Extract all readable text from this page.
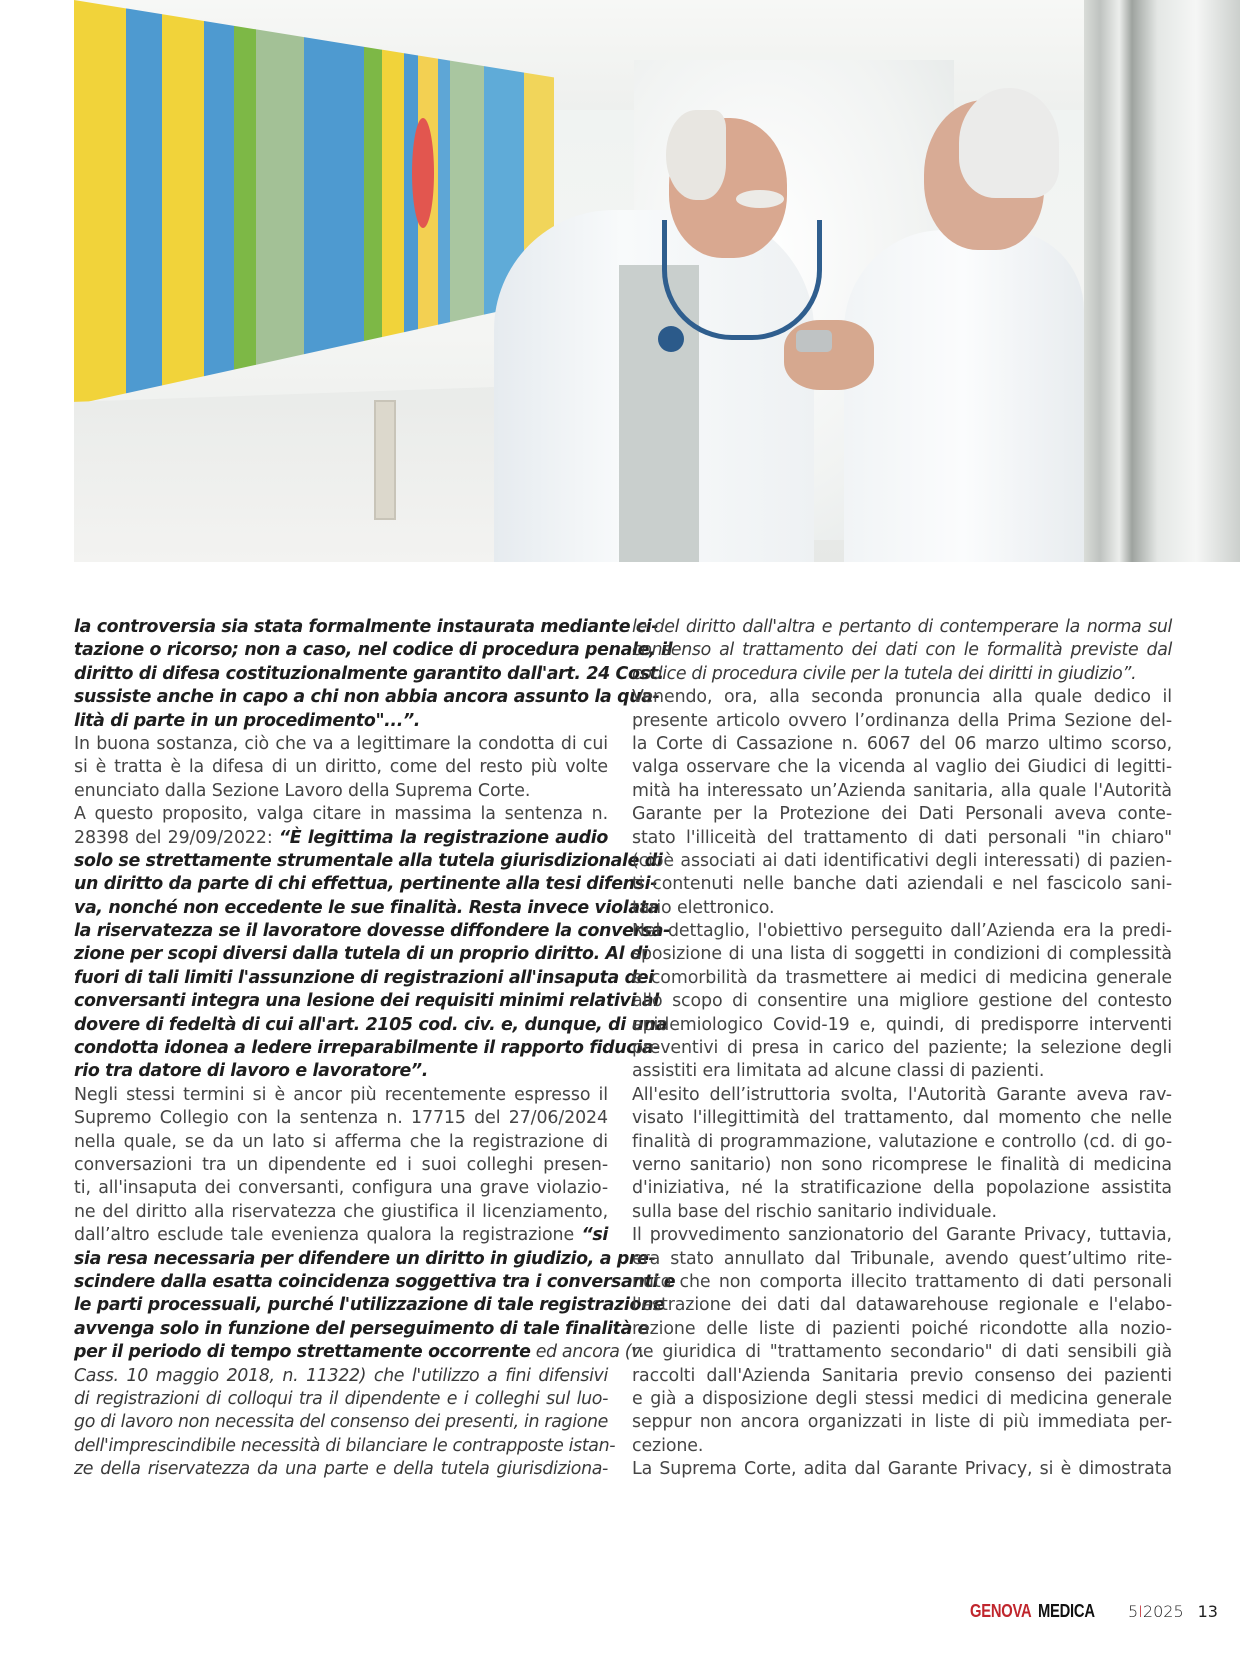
la controversia sia stata formalmente instaurata mediante ci-
tazione o ricorso; non a caso, nel codice di procedura penale, il
diritto di difesa costituzionalmente garantito dall'art. 24 Cost.
sussiste anche in capo a chi non abbia ancora assunto la qua-
lità di parte in un procedimento"...”.
In buona sostanza, ciò che va a legittimare la condotta di cui
si è tratta è la difesa di un diritto, come del resto più volte
enunciato dalla Sezione Lavoro della Suprema Corte.
A questo proposito, valga citare in massima la sentenza n.
28398 del 29/09/2022: “È legittima la registrazione audio
solo se strettamente strumentale alla tutela giurisdizionale di
un diritto da parte di chi effettua, pertinente alla tesi difensi-
va, nonché non eccedente le sue finalità. Resta invece violata
la riservatezza se il lavoratore dovesse diffondere la conversa-
zione per scopi diversi dalla tutela di un proprio diritto. Al di
fuori di tali limiti l'assunzione di registrazioni all'insaputa dei
conversanti integra una lesione dei requisiti minimi relativi al
dovere di fedeltà di cui all'art. 2105 cod. civ. e, dunque, di una
condotta idonea a ledere irreparabilmente il rapporto fiducia-
rio tra datore di lavoro e lavoratore”.
Negli stessi termini si è ancor più recentemente espresso il
Supremo Collegio con la sentenza n. 17715 del 27/06/2024
nella quale, se da un lato si afferma che la registrazione di
conversazioni tra un dipendente ed i suoi colleghi presen-
ti, all'insaputa dei conversanti, configura una grave violazio-
ne del diritto alla riservatezza che giustifica il licenziamento,
dall’altro esclude tale evenienza qualora la registrazione “si
sia resa necessaria per difendere un diritto in giudizio, a pre-
scindere dalla esatta coincidenza soggettiva tra i conversanti e
le parti processuali, purché l'utilizzazione di tale registrazione
avvenga solo in funzione del perseguimento di tale finalità e
per il periodo di tempo strettamente occorrente ed ancora (v.
Cass. 10 maggio 2018, n. 11322) che l'utilizzo a fini difensivi
di registrazioni di colloqui tra il dipendente e i colleghi sul luo-
go di lavoro non necessita del consenso dei presenti, in ragione
dell'imprescindibile necessità di bilanciare le contrapposte istan-
ze della riservatezza da una parte e della tutela giurisdiziona-
le del diritto dall'altra e pertanto di contemperare la norma sul
consenso al trattamento dei dati con le formalità previste dal
codice di procedura civile per la tutela dei diritti in giudizio”.
Venendo, ora, alla seconda pronuncia alla quale dedico il
presente articolo ovvero l’ordinanza della Prima Sezione del-
la Corte di Cassazione n. 6067 del 06 marzo ultimo scorso,
valga osservare che la vicenda al vaglio dei Giudici di legitti-
mità ha interessato un’Azienda sanitaria, alla quale l'Autorità
Garante per la Protezione dei Dati Personali aveva conte-
stato l'illiceità del trattamento di dati personali "in chiaro"
(cioè associati ai dati identificativi degli interessati) di pazien-
ti contenuti nelle banche dati aziendali e nel fascicolo sani-
tario elettronico.
Nel dettaglio, l'obiettivo perseguito dall’Azienda era la predi-
sposizione di una lista di soggetti in condizioni di complessità
e comorbilità da trasmettere ai medici di medicina generale
allo scopo di consentire una migliore gestione del contesto
epidemiologico Covid-19 e, quindi, di predisporre interventi
preventivi di presa in carico del paziente; la selezione degli
assistiti era limitata ad alcune classi di pazienti.
All'esito dell’istruttoria svolta, l'Autorità Garante aveva rav-
visato l'illegittimità del trattamento, dal momento che nelle
finalità di programmazione, valutazione e controllo (cd. di go-
verno sanitario) non sono ricomprese le finalità di medicina
d'iniziativa, né la stratificazione della popolazione assistita
sulla base del rischio sanitario individuale.
Il provvedimento sanzionatorio del Garante Privacy, tuttavia,
era stato annullato dal Tribunale, avendo quest’ultimo rite-
nuto che non comporta illecito trattamento di dati personali
l'estrazione dei dati dal datawarehouse regionale e l'elabo-
razione delle liste di pazienti poiché ricondotte alla nozio-
ne giuridica di "trattamento secondario" di dati sensibili già
raccolti dall'Azienda Sanitaria previo consenso dei pazienti
e già a disposizione degli stessi medici di medicina generale
seppur non ancora organizzati in liste di più immediata per-
cezione.
La Suprema Corte, adita dal Garante Privacy, si è dimostrata
GENOVA MEDICA	5I2025 13
